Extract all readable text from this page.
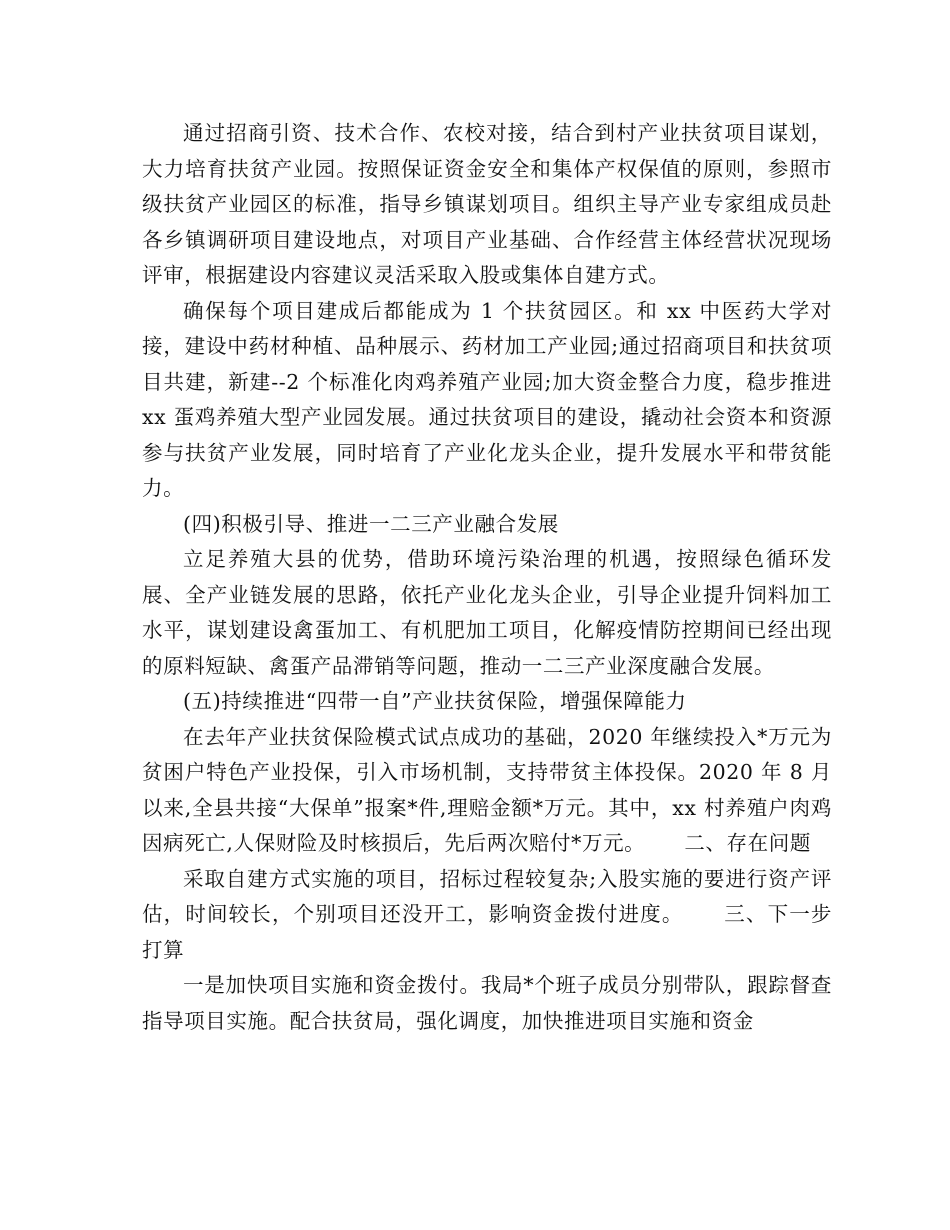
通过招商引资、技术合作、农校对接，结合到村产业扶贫项目谋划，大力培育扶贫产业园。按照保证资金安全和集体产权保值的原则，参照市级扶贫产业园区的标准，指导乡镇谋划项目。组织主导产业专家组成员赴各乡镇调研项目建设地点，对项目产业基础、合作经营主体经营状况现场评审，根据建设内容建议灵活采取入股或集体自建方式。

确保每个项目建成后都能成为 1 个扶贫园区。和 xx 中医药大学对接，建设中药材种植、品种展示、药材加工产业园;通过招商项目和扶贫项目共建，新建--2 个标准化肉鸡养殖产业园;加大资金整合力度，稳步推进 xx 蛋鸡养殖大型产业园发展。通过扶贫项目的建设，撬动社会资本和资源参与扶贫产业发展，同时培育了产业化龙头企业，提升发展水平和带贫能力。

(四)积极引导、推进一二三产业融合发展

立足养殖大县的优势，借助环境污染治理的机遇，按照绿色循环发展、全产业链发展的思路，依托产业化龙头企业，引导企业提升饲料加工水平，谋划建设禽蛋加工、有机肥加工项目，化解疫情防控期间已经出现的原料短缺、禽蛋产品滞销等问题，推动一二三产业深度融合发展。

(五)持续推进“四带一自”产业扶贫保险，增强保障能力

在去年产业扶贫保险模式试点成功的基础，2020 年继续投入*万元为贫困户特色产业投保，引入市场机制，支持带贫主体投保。2020 年 8 月以来,全县共接“大保单”报案*件,理赔金额*万元。其中，xx 村养殖户肉鸡因病死亡,人保财险及时核损后，先后两次赔付*万元。　　 二、存在问题

采取自建方式实施的项目，招标过程较复杂;入股实施的要进行资产评估，时间较长，个别项目还没开工，影响资金拨付进度。　　 三、下一步打算

一是加快项目实施和资金拨付。我局*个班子成员分别带队，跟踪督查指导项目实施。配合扶贫局，强化调度，加快推进项目实施和资金
